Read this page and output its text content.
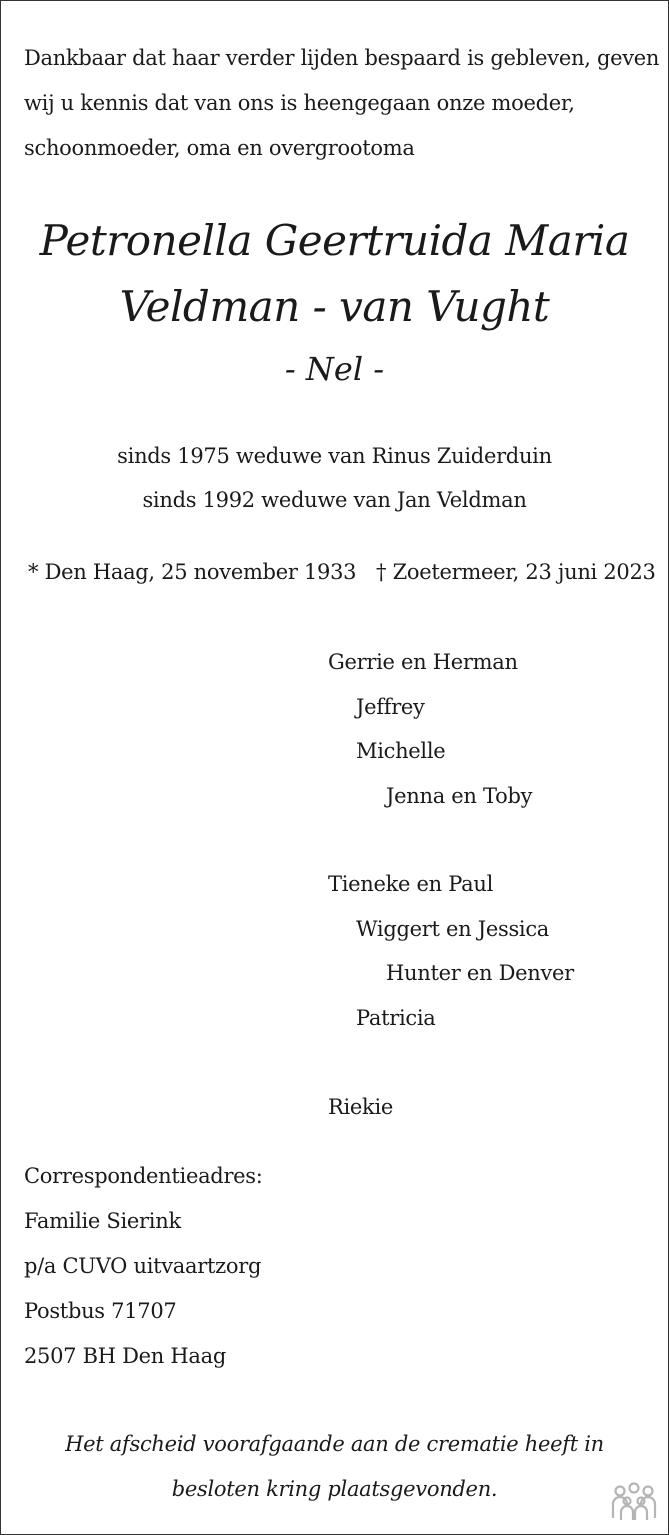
Dankbaar dat haar verder lijden bespaard is gebleven, geven
wij u kennis dat van ons is heengegaan onze moeder,
schoonmoeder, oma en overgrootoma
Petronella Geertruida Maria
Veldman - van Vught
- Nel -
sinds 1975 weduwe van Rinus Zuiderduin
sinds 1992 weduwe van Jan Veldman
* Den Haag, 25 november 1933 † Zoetermeer, 23 juni 2023
Gerrie en Herman
Jeffrey
Michelle
Jenna en Toby
Tieneke en Paul
Wiggert en Jessica
Hunter en Denver
Patricia
Riekie
Correspondentieadres:
Familie Sierink
p/a CUVO uitvaartzorg
Postbus 71707
2507 BH Den Haag
Het afscheid voorafgaande aan de crematie heeft in
besloten kring plaatsgevonden.
